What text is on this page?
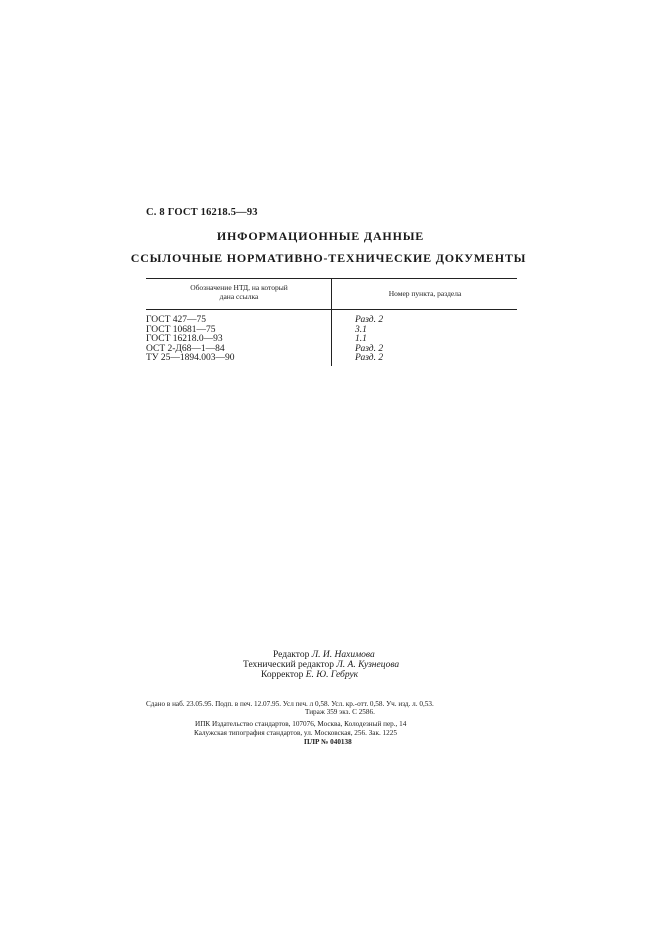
С. 8 ГОСТ 16218.5—93
ИНФОРМАЦИОННЫЕ ДАННЫЕ
ССЫЛОЧНЫЕ НОРМАТИВНО-ТЕХНИЧЕСКИЕ ДОКУМЕНТЫ
Обозначение НТД, на который
дана ссылка	Номер пункта, раздела
ГОСТ 427—75
ГОСТ 10681—75
ГОСТ 16218.0—93
ОСТ 2-Д68—1—84
ТУ 25—1894.003—90
Разд. 2
3.1
1.1
Разд. 2
Разд. 2
Редактор Л. И. Нахимова
Технический редактор Л. А. Кузнецова
Корректор Е. Ю. Гебрук
Сдано в наб. 23.05.95. Подп. в печ. 12.07.95. Усл печ. л 0,58. Усл. кр.-отт. 0,58. Уч. изд. л. 0,53.
Тираж 359 экз. С 2586.
ИПК Издательство стандартов, 107076, Москва, Колодезный пер., 14
Калужская типография стандартов, ул. Московская, 256. Зак. 1225
ПЛР № 040138
